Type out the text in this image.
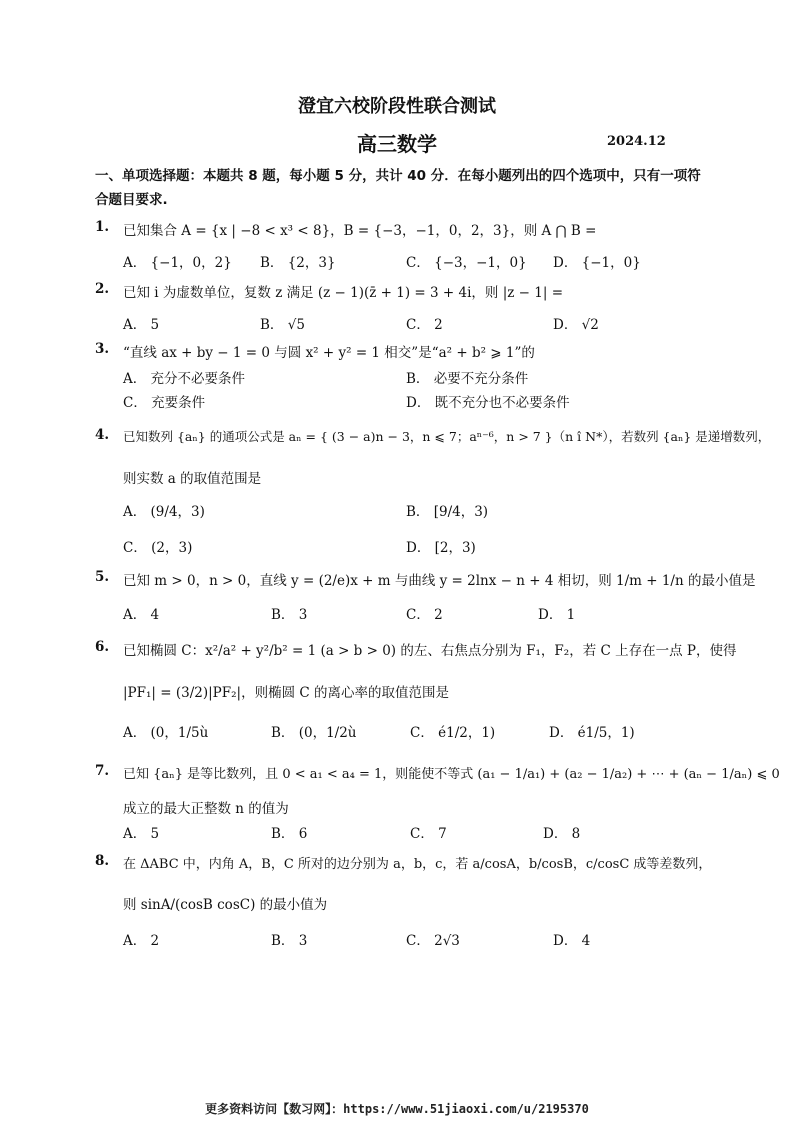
澄宜六校阶段性联合测试
高三数学	2024.12
一、单项选择题：本题共 8 题，每小题 5 分，共计 40 分．在每小题列出的四个选项中，只有一项符
合题目要求.
1. 已知集合 A = {x | −8 < x³ < 8}，B = {−3，−1，0，2，3}，则 A ⋂ B =
A． {−1，0，2} B． {2，3}	C． {−3，−1，0} D． {−1，0}
2. 已知 i 为虚数单位，复数 z 满足 (z − 1)(z̄ + 1) = 3 + 4i，则 |z − 1| =
A． 5	B． √5	C． 2	D． √2
3. “直线 ax + by − 1 = 0 与圆 x² + y² = 1 相交”是“a² + b² ⩾ 1”的
A． 充分不必要条件	B． 必要不充分条件
C． 充要条件	D． 既不充分也不必要条件
4. 已知数列 {aₙ} 的通项公式是 aₙ = { (3 − a)n − 3，n ⩽ 7；aⁿ⁻⁶，n > 7 }（n î N*），若数列 {aₙ} 是递增数列，
则实数 a 的取值范围是
A． (9/4，3)	B． [9/4，3)
C． (2，3)	D． [2，3)
5. 已知 m > 0，n > 0，直线 y = (2/e)x + m 与曲线 y = 2lnx − n + 4 相切，则 1/m + 1/n 的最小值是
A． 4	B． 3	C． 2	D． 1
6. 已知椭圆 C：x²/a² + y²/b² = 1 (a > b > 0) 的左、右焦点分别为 F₁，F₂，若 C 上存在一点 P，使得
|PF₁| = (3/2)|PF₂|，则椭圆 C 的离心率的取值范围是
A． (0，1/5ù	B． (0，1/2ù	C． é1/2，1)	D． é1/5，1)
7. 已知 {aₙ} 是等比数列，且 0 < a₁ < a₄ = 1，则能使不等式 (a₁ − 1/a₁) + (a₂ − 1/a₂) + ⋯ + (aₙ − 1/aₙ) ⩽ 0
成立的最大正整数 n 的值为
A． 5	B． 6	C． 7	D． 8
8. 在 ΔABC 中，内角 A，B，C 所对的边分别为 a，b，c，若 a/cosA，b/cosB，c/cosC 成等差数列，
则 sinA/(cosB cosC) 的最小值为
A． 2	B． 3	C． 2√3	D． 4
更多资料访问【数习网】：https://www.51jiaoxi.com/u/2195370
